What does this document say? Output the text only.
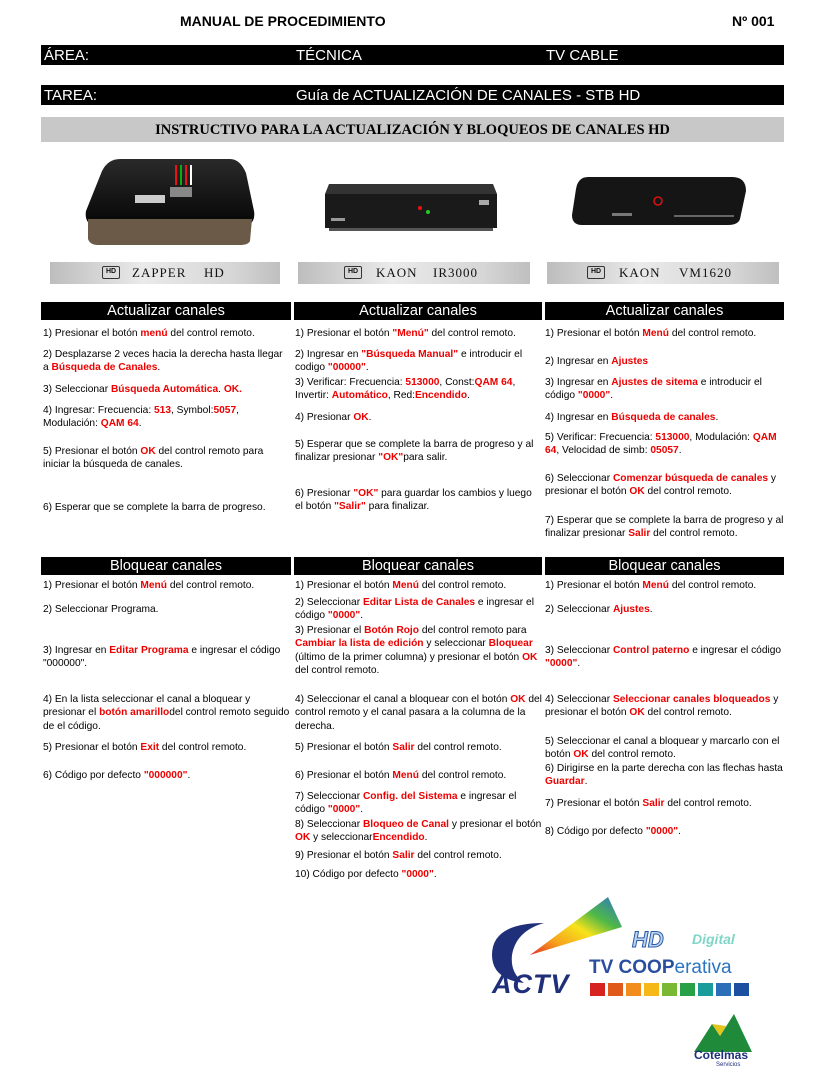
MANUAL DE PROCEDIMIENTO	Nº 001
ÁREA:	TÉCNICA	TV CABLE
TAREA:	Guía de ACTUALIZACIÓN DE CANALES - STB HD
INSTRUCTIVO PARA LA ACTUALIZACIÓN Y BLOQUEOS DE CANALES HD
HD	ZAPPER HD	HD	KAON IR3000	HD	KAON VM1620
Actualizar canales	Actualizar canales	Actualizar canales
1) Presionar el botón menú del control remoto.
2) Desplazarse 2 veces hacia la derecha hasta llegar a Búsqueda de Canales.
3) Seleccionar Búsqueda Automática. OK.
4) Ingresar: Frecuencia: 513, Symbol:5057, Modulación: QAM 64.
5) Presionar el botón OK del control remoto para iniciar la búsqueda de canales.
6) Esperar que se complete la barra de progreso.
1) Presionar el botón "Menú" del control remoto.
2) Ingresar en "Búsqueda Manual" e introducir el codigo "00000".
3) Verificar: Frecuencia: 513000, Const:QAM 64, Invertir: Automático, Red:Encendido.
4) Presionar OK.
5) Esperar que se complete la barra de progreso y al finalizar presionar "OK"para salir.
6) Presionar "OK" para guardar los cambios y luego el botón "Salir" para finalizar.
1) Presionar el botón Menú del control remoto.
2) Ingresar en Ajustes
3) Ingresar en Ajustes de sitema e introducir el código "0000".
4) Ingresar en Búsqueda de canales.
5) Verificar: Frecuencia: 513000, Modulación: QAM 64, Velocidad de simb: 05057.
6) Seleccionar Comenzar búsqueda de canales y presionar el botón OK del control remoto.
7) Esperar que se complete la barra de progreso y al finalizar presionar Salir del control remoto.
Bloquear canales	Bloquear canales	Bloquear canales
1) Presionar el botón Menú del control remoto.
2) Seleccionar Programa.
3) Ingresar en Editar Programa e ingresar el código "000000".
4) En la lista seleccionar el canal a bloquear y presionar el botón amarillodel control remoto seguido de el código.
5) Presionar el botón Exit del control remoto.
6) Código por defecto "000000".
1) Presionar el botón Menú del control remoto.
2) Seleccionar Editar Lista de Canales e ingresar el código "0000".
3) Presionar el Botón Rojo del control remoto para Cambiar la lista de edición y seleccionar Bloquear (último de la primer columna) y presionar el botón OK del control remoto.
4) Seleccionar el canal a bloquear con el botón OK del control remoto y el canal pasara a la columna de la derecha.
5) Presionar el botón Salir del control remoto.
6) Presionar el botón Menú del control remoto.
7) Seleccionar Config. del Sistema e ingresar el código "0000".
8) Seleccionar Bloqueo de Canal y presionar el botón OK y seleccionarEncendido.
9) Presionar el botón Salir del control remoto.
10) Código por defecto "0000".
1) Presionar el botón Menú del control remoto.
2) Seleccionar Ajustes.
3) Seleccionar Control paterno e ingresar el código "0000".
4) Seleccionar Seleccionar canales bloqueados y presionar el botón OK del control remoto.
5) Seleccionar el canal a bloquear y marcarlo con el botón OK del control remoto.
6) Dirigirse en la parte derecha con las flechas hasta Guardar.
7) Presionar el botón Salir del control remoto.
8) Código por defecto "0000".
ACTV
HD Digital
TV COOPerativa
Cotelmas
Servicios
